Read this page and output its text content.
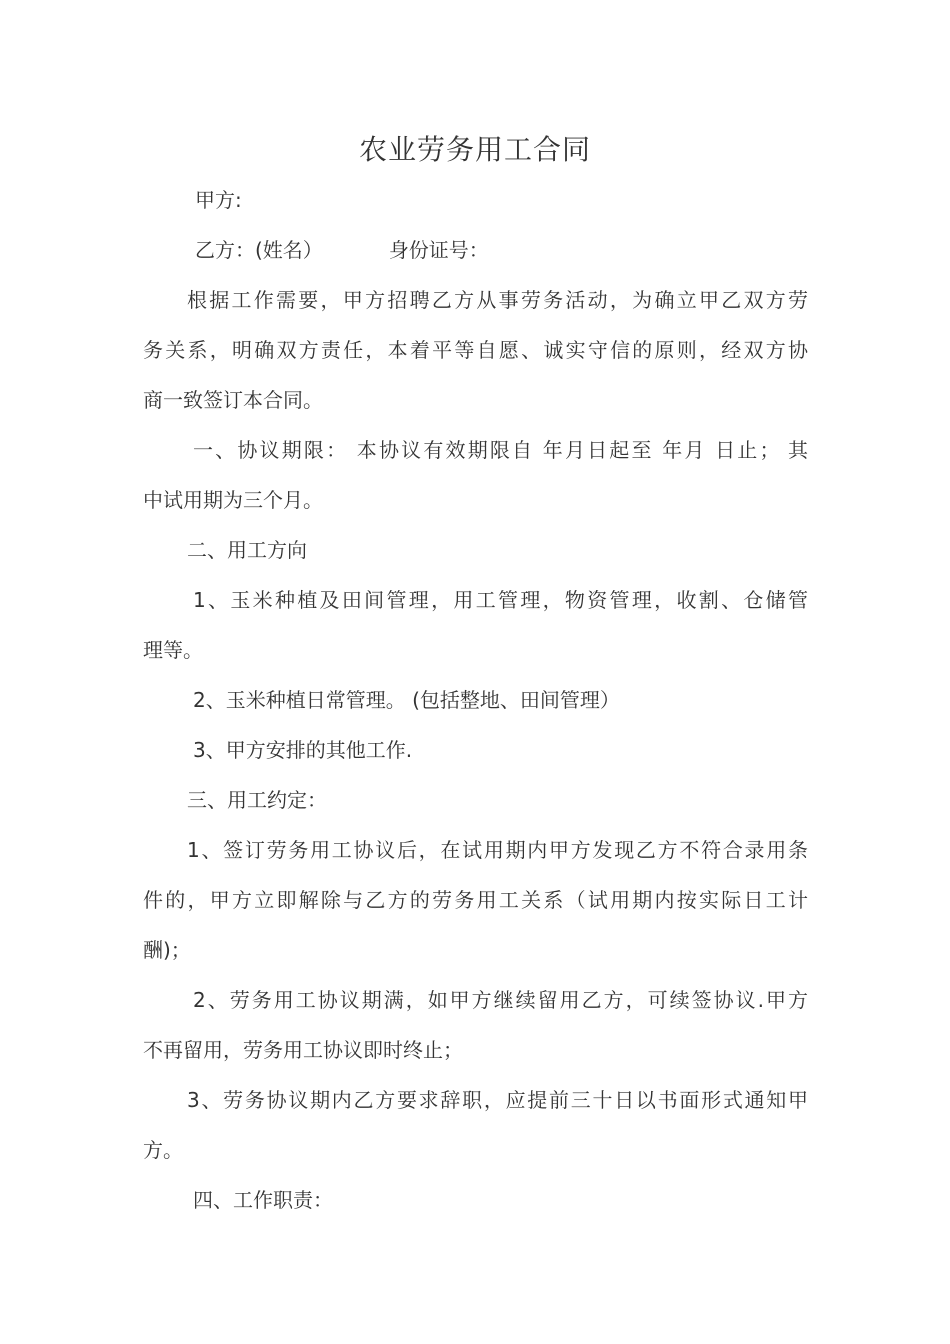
农业劳务用工合同
甲方:
乙方：(姓名）	身份证号：
根据工作需要，甲方招聘乙方从事劳务活动，为确立甲乙双方劳
务关系，明确双方责任，本着平等自愿、诚实守信的原则，经双方协
商一致签订本合同。
一、协议期限： 本协议有效期限自 年月日起至 年月 日止； 其
中试用期为三个月。
二、用工方向
1、玉米种植及田间管理，用工管理，物资管理，收割、仓储管
理等。
2、玉米种植日常管理。 (包括整地、田间管理）
3、甲方安排的其他工作.
三、用工约定：
1、签订劳务用工协议后，在试用期内甲方发现乙方不符合录用条
件的，甲方立即解除与乙方的劳务用工关系（试用期内按实际日工计
酬)；
2、劳务用工协议期满，如甲方继续留用乙方，可续签协议.甲方
不再留用，劳务用工协议即时终止；
3、劳务协议期内乙方要求辞职，应提前三十日以书面形式通知甲
方。
四、工作职责：
